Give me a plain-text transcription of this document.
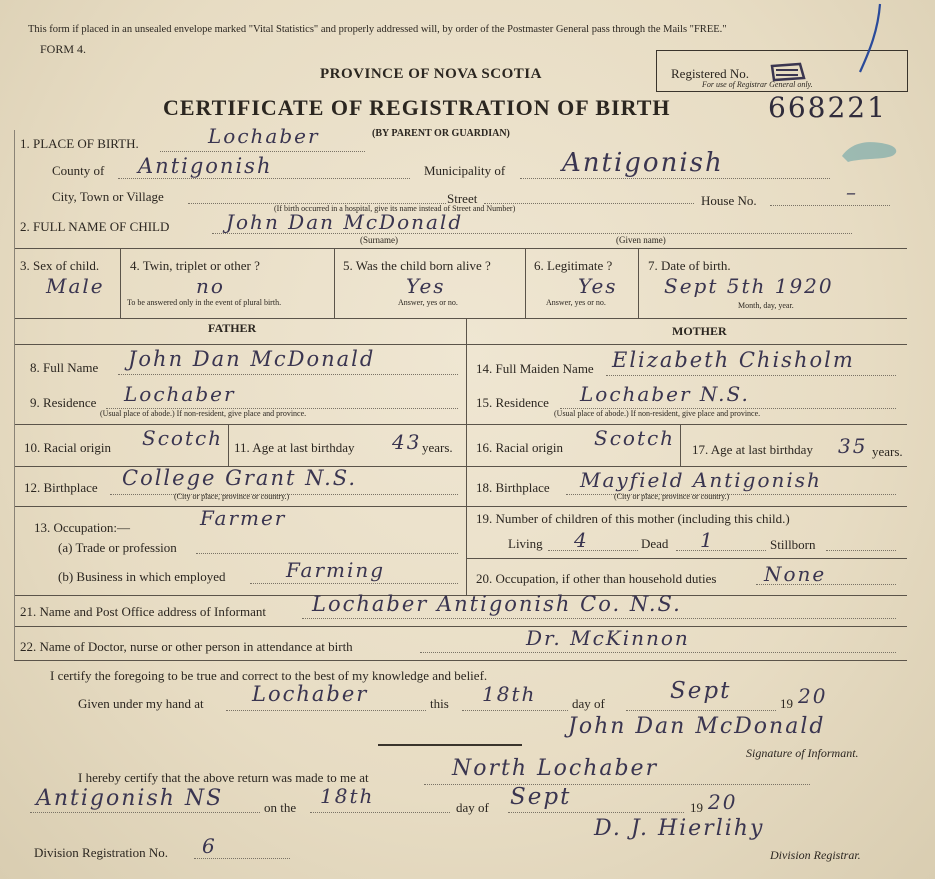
This form if placed in an unsealed envelope marked "Vital Statistics" and properly addressed will, by order of the Postmaster General pass through the Mails "FREE."
FORM 4.
PROVINCE OF NOVA SCOTIA
CERTIFICATE OF REGISTRATION OF BIRTH	668221
(BY PARENT OR GUARDIAN)
Registered No.
For use of Registrar General only.
1. PLACE OF BIRTH.	Lochaber
County of Antigonish	Municipality of Antigonish
City, Town or Village	Street
(If birth occurred in a hospital, give its name instead of Street and Number)
House No.	–
2. FULL NAME OF CHILD	John Dan McDonald
(Surname)	(Given name)
3. Sex of child.
Male
4. Twin, triplet or other ?
no
To be answered only in the event of plural birth.
5. Was the child born alive ?
Yes
Answer, yes or no.
6. Legitimate ?
Yes
Answer, yes or no.
7. Date of birth.
Sept 5th 1920
Month, day, year.
FATHER	MOTHER
8. Full Name John Dan McDonald
9. Residence Lochaber
(Usual place of abode.) If non-resident, give place and province.
10. Racial origin Scotch 11. Age at last birthday 43 years.
12. Birthplace College Grant N.S.
(City or place, province or country.)
13. Occupation:—	Farmer
(a) Trade or profession
(b) Business in which employed	Farming
14. Full Maiden Name Elizabeth Chisholm
15. Residence Lochaber N.S.
(Usual place of abode.) If non-resident, give place and province.
16. Racial origin Scotch 17. Age at last birthday 35 years.
18. Birthplace Mayfield Antigonish
(City or place, province or country.)
19. Number of children of this mother (including this child.)
Living 4	Dead 1	Stillborn
20. Occupation, if other than household duties None
21. Name and Post Office address of Informant Lochaber Antigonish Co. N.S.
22. Name of Doctor, nurse or other person in attendance at birth	Dr. McKinnon
I certify the foregoing to be true and correct to the best of my knowledge and belief.
Given under my hand at Lochaber	this 18th	day of	Sept	19 20
John Dan McDonald
Signature of Informant.
I hereby certify that the above return was made to me at	North Lochaber
Antigonish NS	on the 18th	day of Sept	19 20
Division Registration No. 6
D. J. Hierlihy
Division Registrar.
